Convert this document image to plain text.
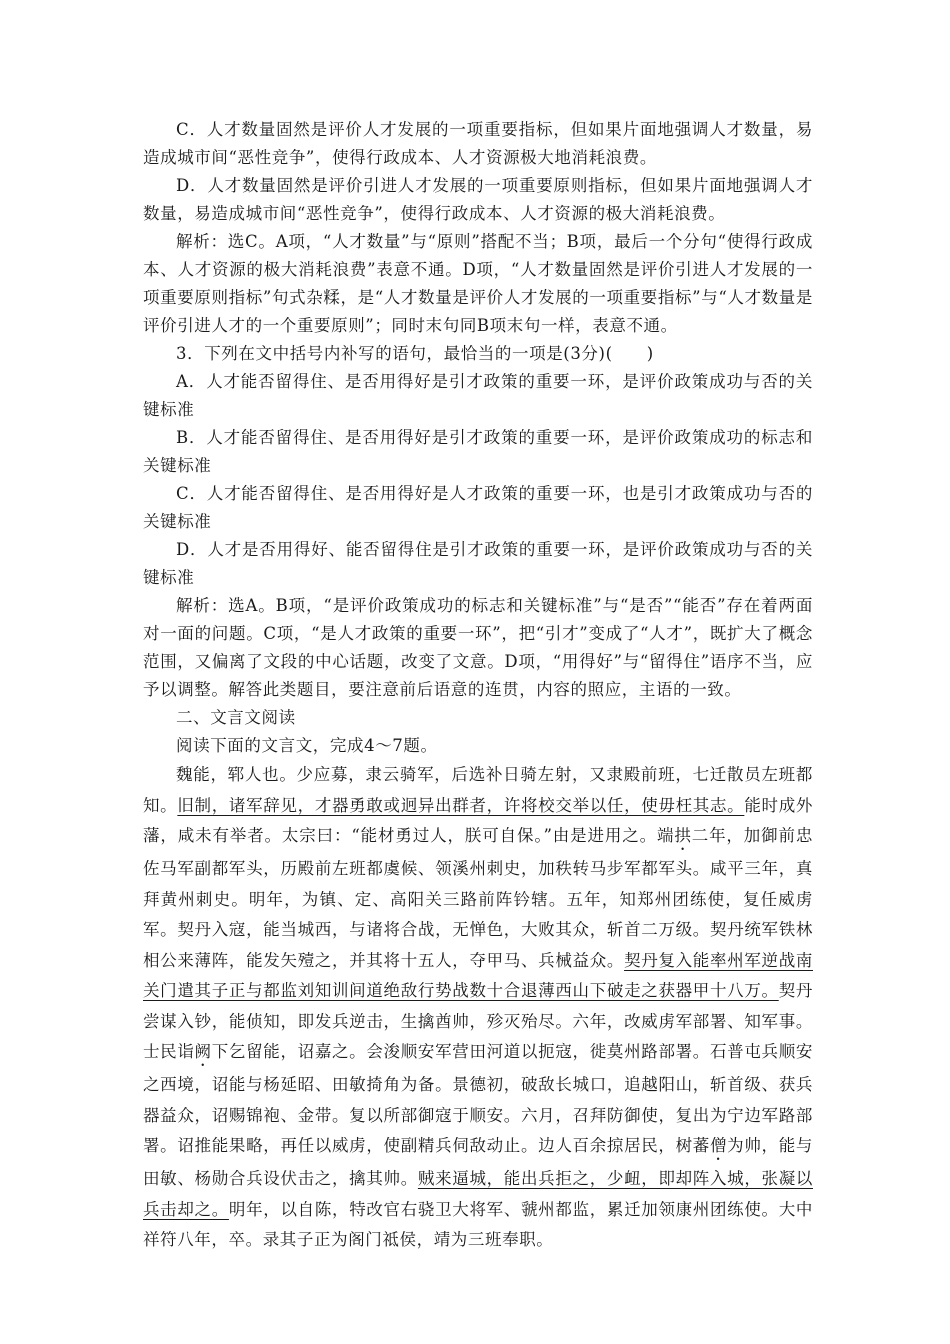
C．人才数量固然是评价人才发展的一项重要指标，但如果片面地强调人才数量，易造成城市间“恶性竞争”，使得行政成本、人才资源极大地消耗浪费。

D．人才数量固然是评价引进人才发展的一项重要原则指标，但如果片面地强调人才数量，易造成城市间“恶性竞争”，使得行政成本、人才资源的极大消耗浪费。

解析：选C。A项，“人才数量”与“原则”搭配不当；B项，最后一个分句“使得行政成本、人才资源的极大消耗浪费”表意不通。D项，“人才数量固然是评价引进人才发展的一项重要原则指标”句式杂糅，是“人才数量是评价人才发展的一项重要指标”与“人才数量是评价引进人才的一个重要原则”；同时末句同B项末句一样，表意不通。

3．下列在文中括号内补写的语句，最恰当的一项是(3分)(　　)

A．人才能否留得住、是否用得好是引才政策的重要一环，是评价政策成功与否的关键标准

B．人才能否留得住、是否用得好是引才政策的重要一环，是评价政策成功的标志和关键标准

C．人才能否留得住、是否用得好是人才政策的重要一环，也是引才政策成功与否的关键标准

D．人才是否用得好、能否留得住是引才政策的重要一环，是评价政策成功与否的关键标准

解析：选A。B项，“是评价政策成功的标志和关键标准”与“是否”“能否”存在着两面对一面的问题。C项，“是人才政策的重要一环”，把“引才”变成了“人才”，既扩大了概念范围，又偏离了文段的中心话题，改变了文意。D项，“用得好”与“留得住”语序不当，应予以调整。解答此类题目，要注意前后语意的连贯，内容的照应，主语的一致。

二、文言文阅读

阅读下面的文言文，完成4～7题。

魏能，郓人也。少应募，隶云骑军，后选补日骑左射，又隶殿前班，七迁散员左班都知。旧制，诸军辞见，才器勇敢或迥异出群者，许将校交举以任，使毋枉其志。能时成外藩，咸未有举者。太宗曰：“能材勇过人，朕可自保。”由是进用之。端拱二年，加御前忠佐马军副都军头，历殿前左班都虞候、领溪州刺史，加秩转马步军都军头。咸平三年，真拜黄州刺史。明年，为镇、定、高阳关三路前阵钤辖。五年，知郑州团练使，复任威虏军。契丹入寇，能当城西，与诸将合战，无惮色，大败其众，斩首二万级。契丹统军铁林相公来薄阵，能发矢殪之，并其将十五人，夺甲马、兵械益众。契丹复入能率州军逆战南关门遣其子正与都监刘知训间道绝敌行势战数十合退薄西山下破走之获器甲十八万。契丹尝谋入钞，能侦知，即发兵逆击，生擒酋帅，殄灭殆尽。六年，改威虏军部署、知军事。士民诣阙下乞留能，诏嘉之。会浚顺安军营田河道以扼寇，徙莫州路部署。石普屯兵顺安之西境，诏能与杨延昭、田敏掎角为备。景德初，破敌长城口，追越阳山，斩首级、获兵器益众，诏赐锦袍、金带。复以所部御寇于顺安。六月，召拜防御使，复出为宁边军路部署。诏推能果略，再任以威虏，使副精兵伺敌动止。边人百余掠居民，树蕃僧为帅，能与田敏、杨勋合兵设伏击之，擒其帅。贼来逼城，能出兵拒之，少衄，即却阵入城，张凝以兵击却之。明年，以自陈，特改官右骁卫大将军、虢州都监，累迁加领康州团练使。大中祥符八年，卒。录其子正为阁门祗侯，靖为三班奉职。
